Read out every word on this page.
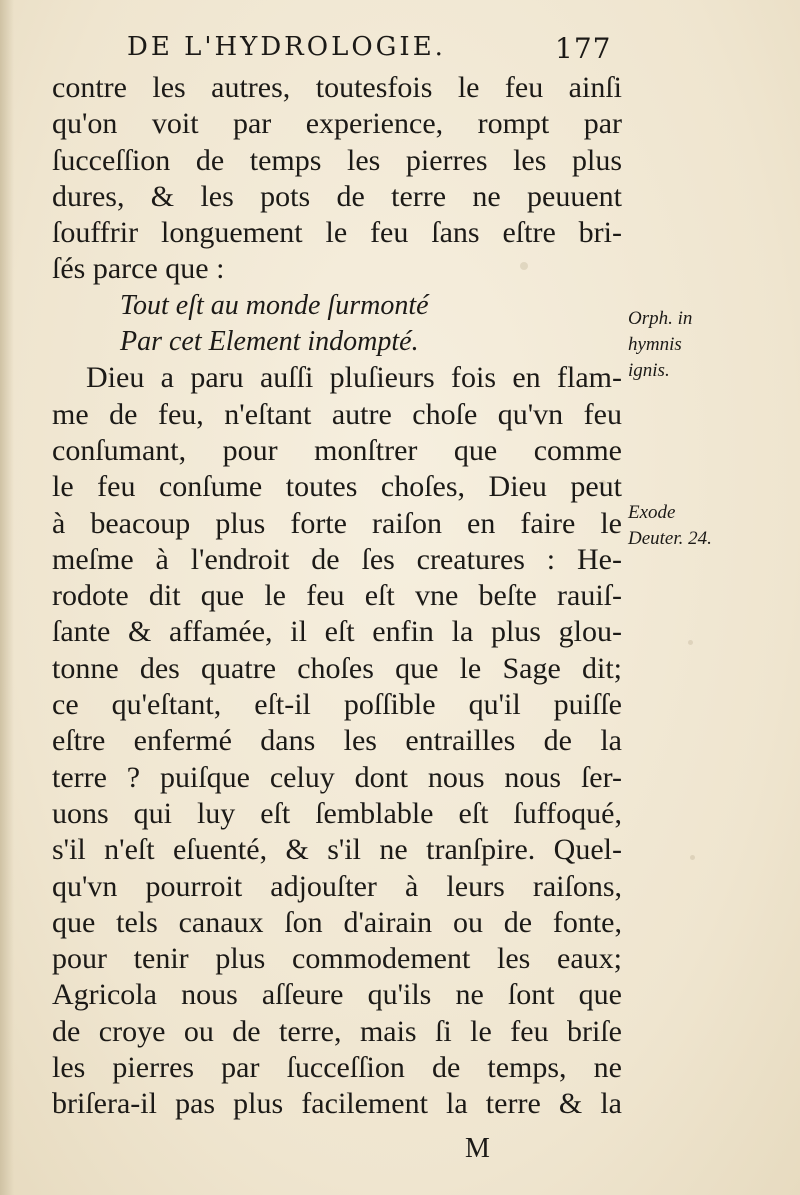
DE L'HYDROLOGIE.	177
contre les autres, toutesfois le feu ainſi
qu'on voit par experience, rompt par
ſucceſſion de temps les pierres les plus
dures, & les pots de terre ne peuuent
ſouffrir longuement le feu ſans eſtre bri-
ſés parce que :
Tout eſt au monde ſurmonté
Par cet Element indompté.
Dieu a paru auſſi pluſieurs fois en flam-
me de feu, n'eſtant autre choſe qu'vn feu
conſumant, pour monſtrer que comme
le feu conſume toutes choſes, Dieu peut
à beacoup plus forte raiſon en faire le
meſme à l'endroit de ſes creatures : He-
rodote dit que le feu eſt vne beſte rauiſ-
ſante & affamée, il eſt enfin la plus glou-
tonne des quatre choſes que le Sage dit;
ce qu'eſtant, eſt-il poſſible qu'il puiſſe
eſtre enfermé dans les entrailles de la
terre ? puiſque celuy dont nous nous ſer-
uons qui luy eſt ſemblable eſt ſuffoqué,
s'il n'eſt eſuenté, & s'il ne tranſpire. Quel-
qu'vn pourroit adjouſter à leurs raiſons,
que tels canaux ſon d'airain ou de fonte,
pour tenir plus commodement les eaux;
Agricola nous aſſeure qu'ils ne ſont que
de croye ou de terre, mais ſi le feu briſe
les pierres par ſucceſſion de temps, ne
briſera-il pas plus facilement la terre & la
Orph. in
hymnis
ignis.
Exode
Deuter. 24.
M
